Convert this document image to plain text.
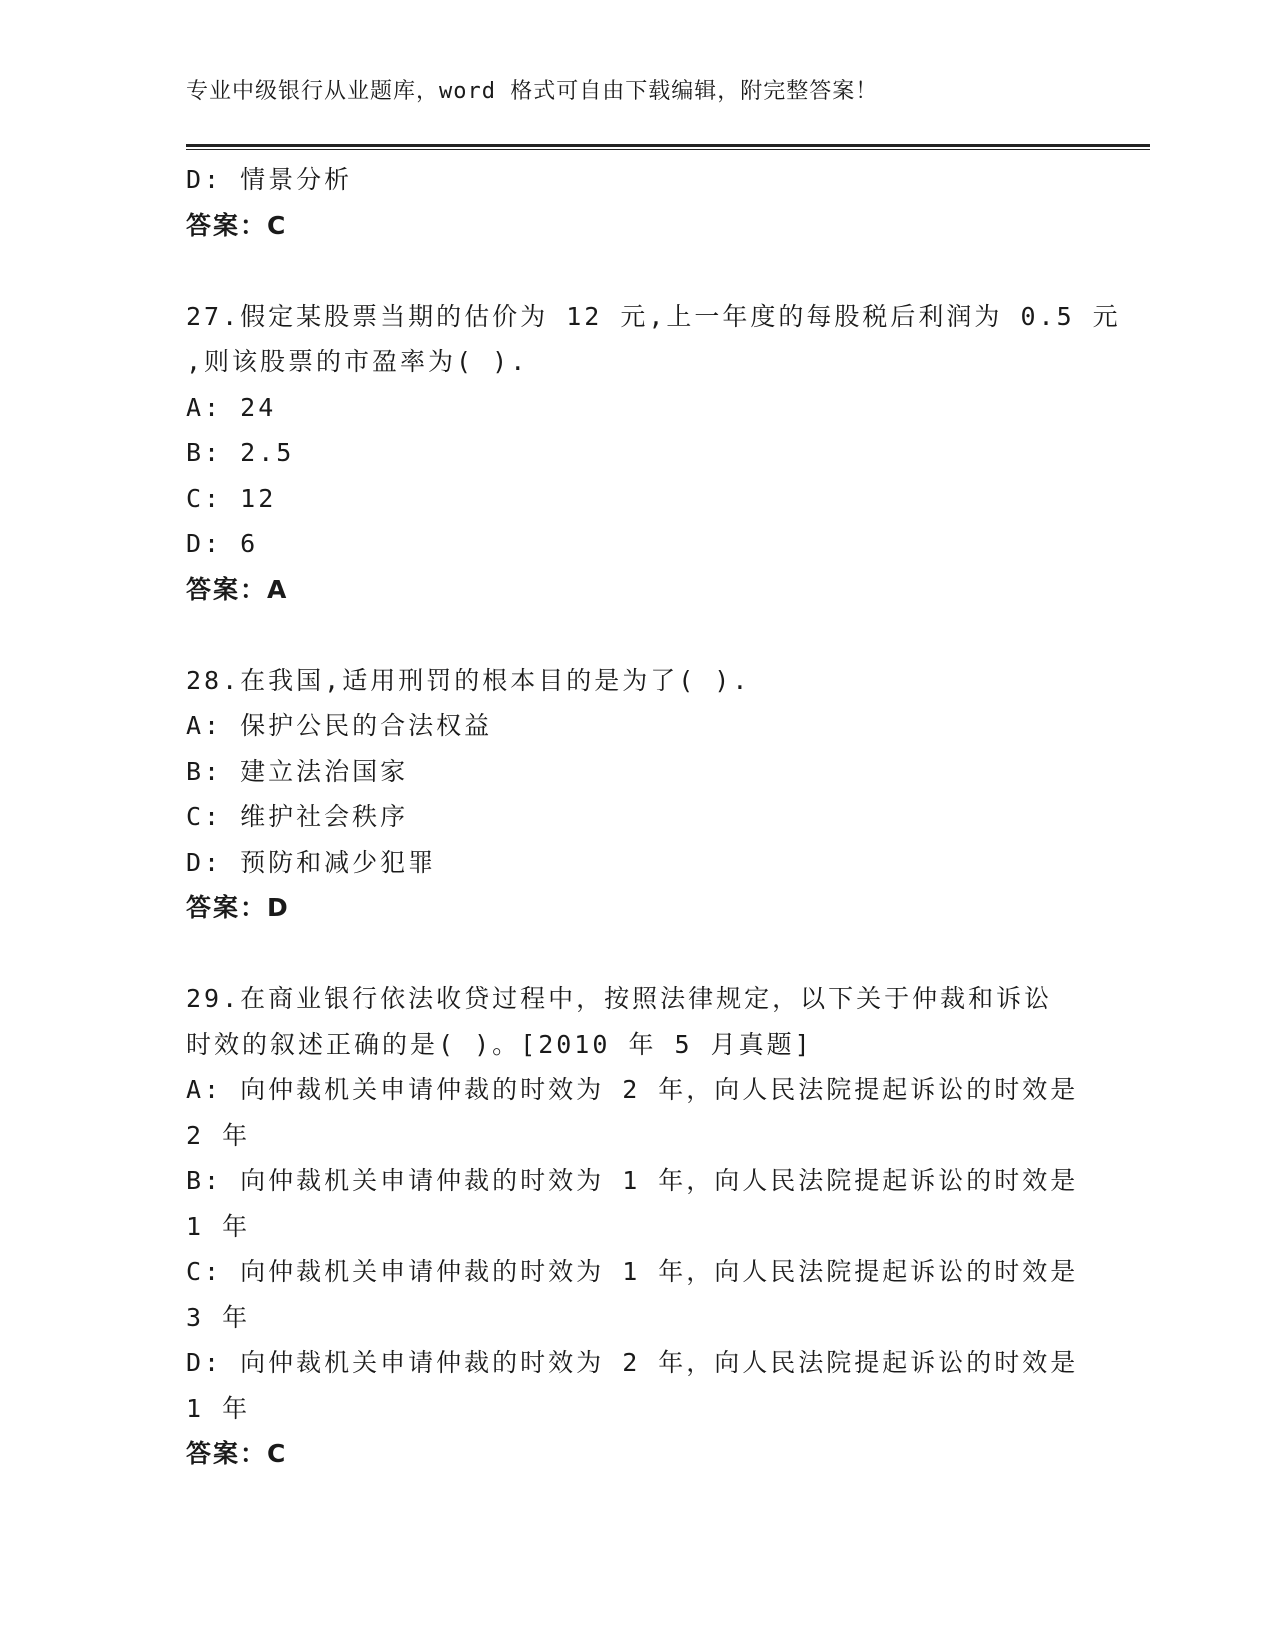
专业中级银行从业题库，word 格式可自由下载编辑，附完整答案！
D: 情景分析
答案：C
27.假定某股票当期的估价为 12 元,上一年度的每股税后利润为 0.5 元
,则该股票的市盈率为( ).
A: 24
B: 2.5
C: 12
D: 6
答案：A
28.在我国,适用刑罚的根本目的是为了( ).
A: 保护公民的合法权益
B: 建立法治国家
C: 维护社会秩序
D: 预防和减少犯罪
答案：D
29.在商业银行依法收贷过程中，按照法律规定，以下关于仲裁和诉讼
时效的叙述正确的是( )。[2010 年 5 月真题]
A: 向仲裁机关申请仲裁的时效为 2 年，向人民法院提起诉讼的时效是
2 年
B: 向仲裁机关申请仲裁的时效为 1 年，向人民法院提起诉讼的时效是
1 年
C: 向仲裁机关申请仲裁的时效为 1 年，向人民法院提起诉讼的时效是
3 年
D: 向仲裁机关申请仲裁的时效为 2 年，向人民法院提起诉讼的时效是
1 年
答案：C
